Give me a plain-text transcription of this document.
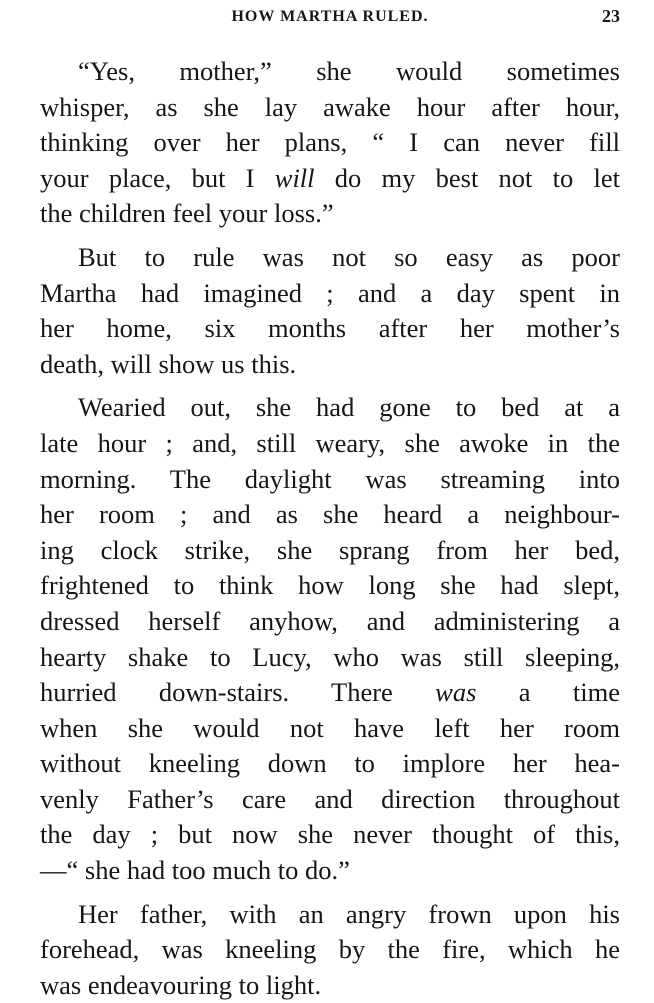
HOW MARTHA RULED.	23
“Yes, mother,” she would sometimes
whisper, as she lay awake hour after hour,
thinking over her plans, “ I can never fill
your place, but I will do my best not to let
the children feel your loss.”
But to rule was not so easy as poor
Martha had imagined ; and a day spent in
her home, six months after her mother’s
death, will show us this.
Wearied out, she had gone to bed at a
late hour ; and, still weary, she awoke in the
morning. The daylight was streaming into
her room ; and as she heard a neighbour-
ing clock strike, she sprang from her bed,
frightened to think how long she had slept,
dressed herself anyhow, and administering a
hearty shake to Lucy, who was still sleeping,
hurried down-stairs. There was a time
when she would not have left her room
without kneeling down to implore her hea-
venly Father’s care and direction throughout
the day ; but now she never thought of this,
—“ she had too much to do.”
Her father, with an angry frown upon his
forehead, was kneeling by the fire, which he
was endeavouring to light.
